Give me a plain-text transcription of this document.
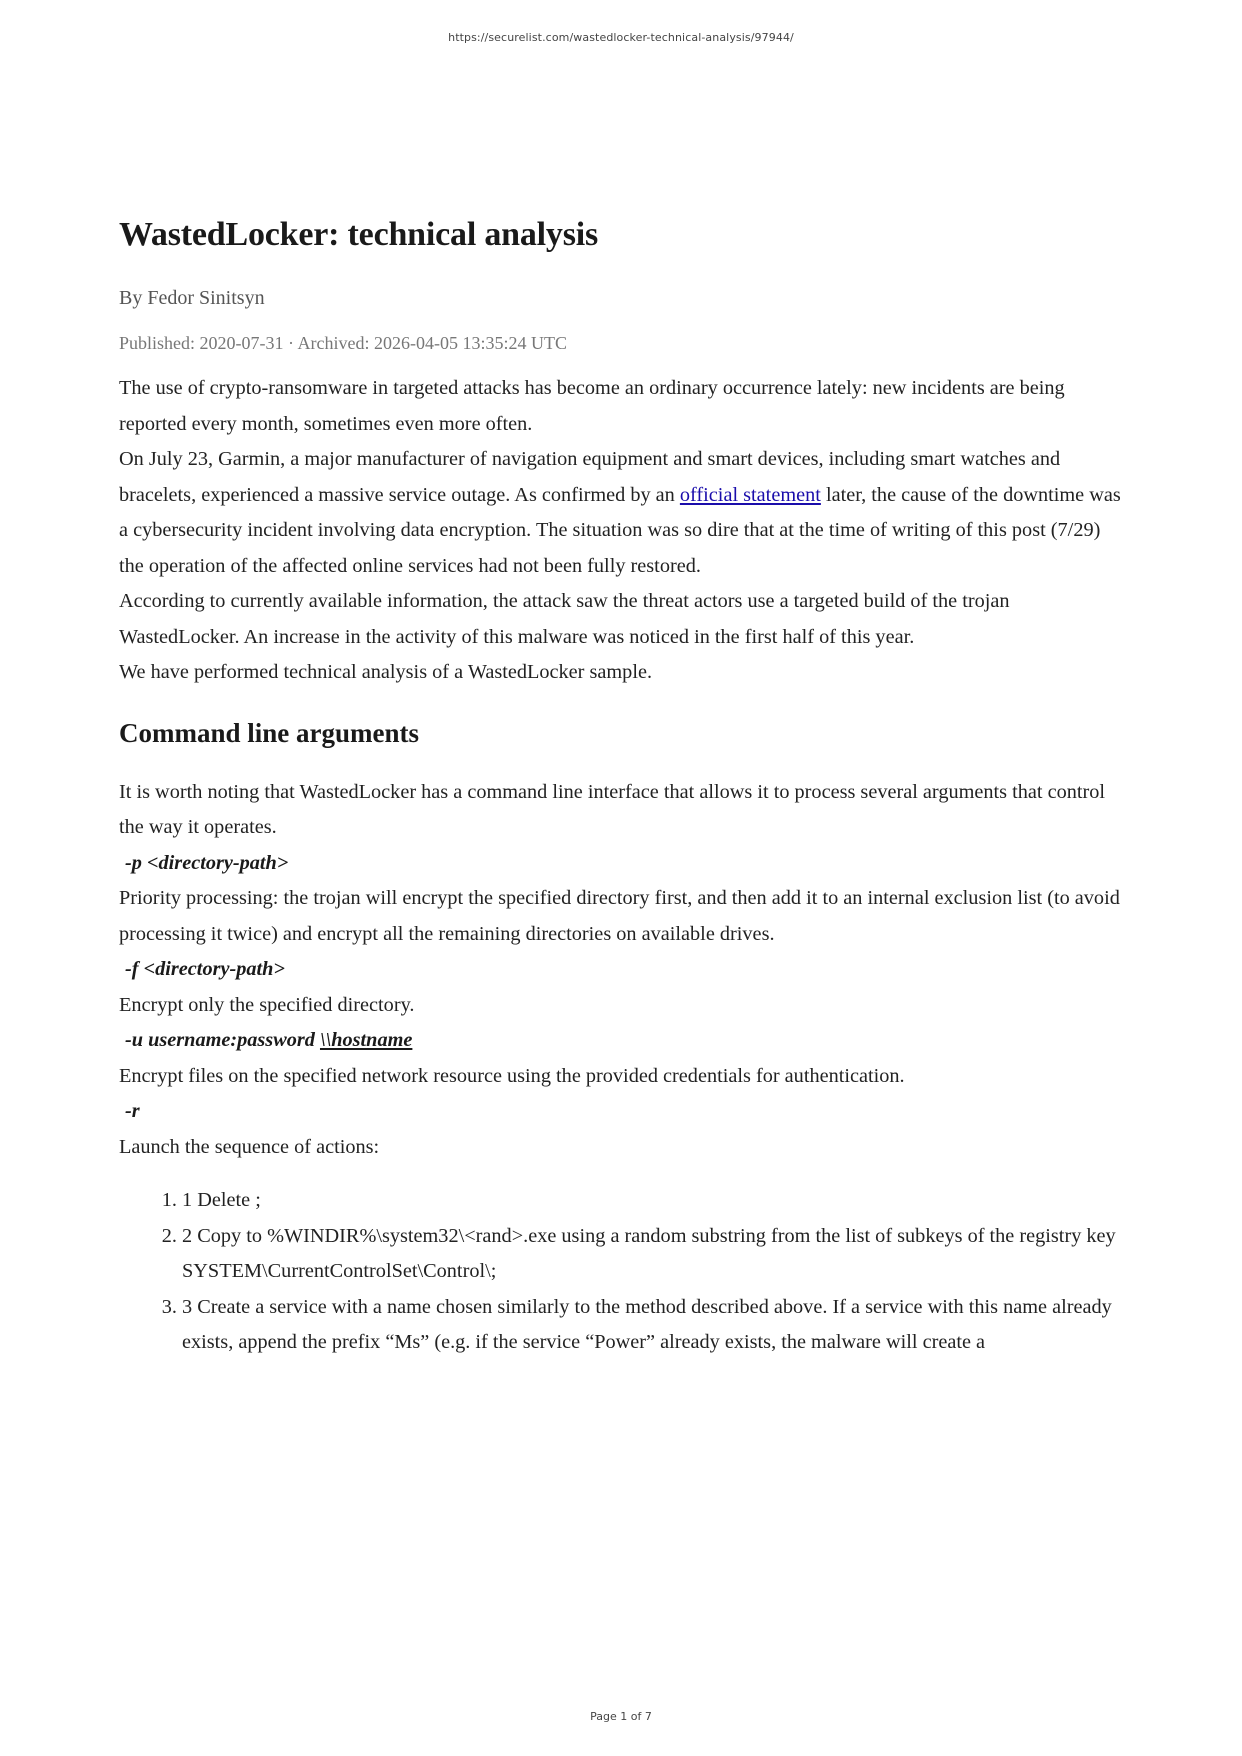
https://securelist.com/wastedlocker-technical-analysis/97944/
WastedLocker: technical analysis
By Fedor Sinitsyn
Published: 2020-07-31 · Archived: 2026-04-05 13:35:24 UTC

The use of crypto-ransomware in targeted attacks has become an ordinary occurrence lately: new incidents are being reported every month, sometimes even more often.

On July 23, Garmin, a major manufacturer of navigation equipment and smart devices, including smart watches and bracelets, experienced a massive service outage. As confirmed by an official statement later, the cause of the downtime was a cybersecurity incident involving data encryption. The situation was so dire that at the time of writing of this post (7/29) the operation of the affected online services had not been fully restored.

According to currently available information, the attack saw the threat actors use a targeted build of the trojan WastedLocker. An increase in the activity of this malware was noticed in the first half of this year.

We have performed technical analysis of a WastedLocker sample.

Command line arguments

It is worth noting that WastedLocker has a command line interface that allows it to process several arguments that control the way it operates.

-p <directory-path>

Priority processing: the trojan will encrypt the specified directory first, and then add it to an internal exclusion list (to avoid processing it twice) and encrypt all the remaining directories on available drives.

-f <directory-path>

Encrypt only the specified directory.

-u username:password \\hostname

Encrypt files on the specified network resource using the provided credentials for authentication.

-r

Launch the sequence of actions:

1. 1 Delete ;
2. 2 Copy to %WINDIR%\system32\<rand>.exe using a random substring from the list of subkeys of the registry key SYSTEM\CurrentControlSet\Control\;
3. 3 Create a service with a name chosen similarly to the method described above. If a service with this name already exists, append the prefix “Ms” (e.g. if the service “Power” already exists, the malware will create a
Page 1 of 7
